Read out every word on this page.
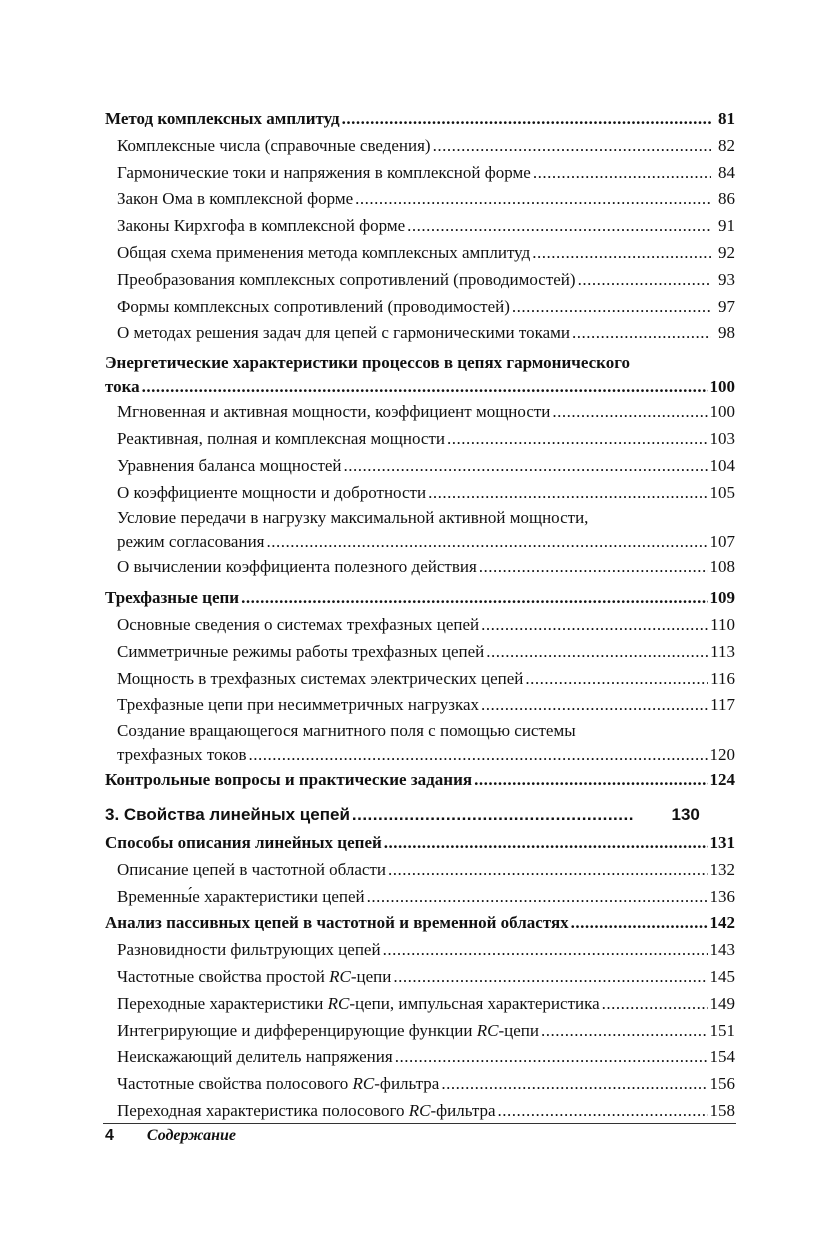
Метод комплексных амплитуд .....	81
Комплексные числа (справочные сведения) .....	82
Гармонические токи и напряжения в комплексной форме .....	84
Закон Ома в комплексной форме .....	86
Законы Кирхгофа в комплексной форме .....	91
Общая схема применения метода комплексных амплитуд .....	92
Преобразования комплексных сопротивлений (проводимостей) .....	93
Формы комплексных сопротивлений (проводимостей) .....	97
О методах решения задач для цепей с гармоническими токами .....	98
Энергетические характеристики процессов в цепях гармонического
тока .....	100
Мгновенная и активная мощности, коэффициент мощности .....	100
Реактивная, полная и комплексная мощности .....	103
Уравнения баланса мощностей .....	104
О коэффициенте мощности и добротности .....	105
Условие передачи в нагрузку максимальной активной мощности,
режим согласования .....	107
О вычислении коэффициента полезного действия .....	108
Трехфазные цепи .....	109
Основные сведения о системах трехфазных цепей .....	110
Симметричные режимы работы трехфазных цепей .....	113
Мощность в трехфазных системах электрических цепей .....	116
Трехфазные цепи при несимметричных нагрузках .....	117
Создание вращающегося магнитного поля с помощью системы
трехфазных токов .....	120
Контрольные вопросы и практические задания .....	124
3. Свойства линейных цепей .....	130
Способы описания линейных цепей .....	131
Описание цепей в частотной области .....	132
Временны́е характеристики цепей .....	136
Анализ пассивных цепей в частотной и временной областях .....	142
Разновидности фильтрующих цепей .....	143
Частотные свойства простой RC-цепи .....	145
Переходные характеристики RC-цепи, импульсная характеристика .....	149
Интегрирующие и дифференцирующие функции RC-цепи .....	151
Неискажающий делитель напряжения .....	154
Частотные свойства полосового RC-фильтра .....	156
Переходная характеристика полосового RC-фильтра .....	158
4 Содержание
